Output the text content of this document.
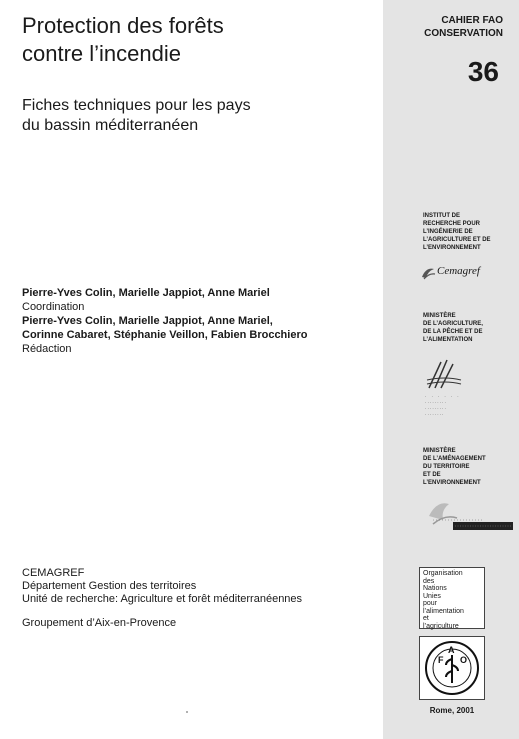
CAHIER FAO
CONSERVATION
36
Protection des forêts
contre l’incendie
Fiches techniques pour les pays
du bassin méditerranéen
Pierre-Yves Colin, Marielle Jappiot, Anne Mariel
Coordination
Pierre-Yves Colin, Marielle Jappiot, Anne Mariel,
Corinne Cabaret, Stéphanie Veillon, Fabien Brocchiero
Rédaction
CEMAGREF
Département Gestion des territoires
Unité de recherche: Agriculture et forêt méditerranéennes
Groupement d’Aix-en-Provence
INSTITUT DE
RECHERCHE POUR
L’INGÉNIERIE DE
L’AGRICULTURE ET DE
L’ENVIRONNEMENT
Cemagref
MINISTÈRE
DE L’AGRICULTURE,
DE LA PÊCHE ET DE
L’ALIMENTATION
· · · · · ·
· · · · · · · · ·
· · · · · · · · ·
· · · · · · · ·
MINISTÈRE
DE L’AMÉNAGEMENT
DU TERRITOIRE
ET DE
L’ENVIRONNEMENT
Organisation
des
Nations
Unies
pour
l’alimentation
et
l’agriculture
F
A
O
Rome, 2001
